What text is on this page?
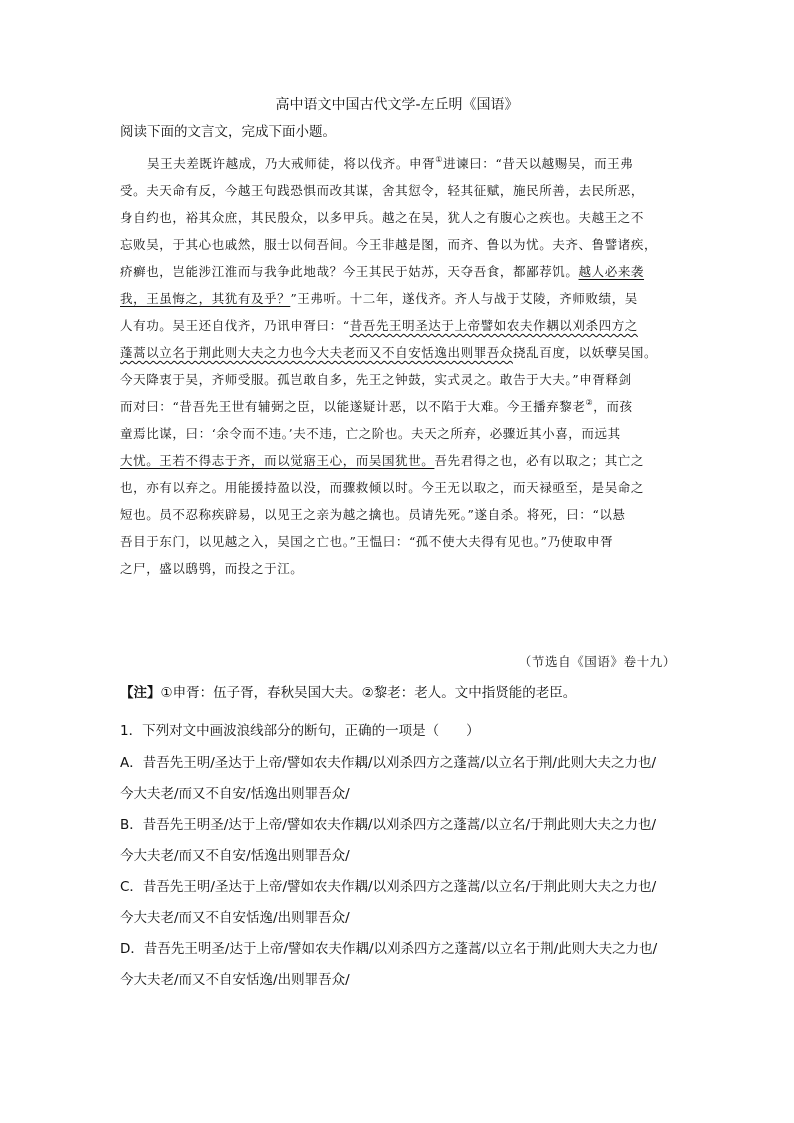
高中语文中国古代文学-左丘明《国语》
阅读下面的文言文，完成下面小题。
吴王夫差既许越成，乃大戒师徒，将以伐齐。申胥①进谏曰：“昔天以越赐吴，而王弗
受。夫天命有反，今越王句践恐惧而改其谋，舍其愆令，轻其征赋，施民所善，去民所恶，
身自约也，裕其众庶，其民殷众，以多甲兵。越之在吴，犹人之有腹心之疾也。夫越王之不
忘败吴，于其心也戚然，服士以伺吾间。今王非越是图，而齐、鲁以为忧。夫齐、鲁譬诸疾，
疥癣也，岂能涉江淮而与我争此地哉？今王其民于姑苏，天夺吾食，都鄙荐饥。越人必来袭
我，王虽悔之，其犹有及乎？”王弗听。十二年，遂伐齐。齐人与战于艾陵，齐师败绩，吴
人有功。吴王还自伐齐，乃讯申胥曰：“昔吾先王明圣达于上帝譬如农夫作耦以刈杀四方之
蓬蒿以立名于荆此则大夫之力也今大夫老而又不自安恬逸出则罪吾众挠乱百度，以妖孽吴国。
今天降衷于吴，齐师受服。孤岂敢自多，先王之钟鼓，实式灵之。敢告于大夫。”申胥释剑
而对曰：“昔吾先王世有辅弼之臣，以能遂疑计恶，以不陷于大难。今王播弃黎老②，而孩
童焉比谋，曰：‘余令而不违。’夫不违，亡之阶也。夫天之所弃，必骤近其小喜，而远其
大忧。王若不得志于齐，而以觉寤王心，而吴国犹世。吾先君得之也，必有以取之；其亡之
也，亦有以弃之。用能援持盈以没，而骤救倾以时。今王无以取之，而天禄亟至，是吴命之
短也。员不忍称疾辟易，以见王之亲为越之擒也。员请先死。”遂自杀。将死，曰：“以悬
吾目于东门，以见越之入，吴国之亡也。”王愠曰：“孤不使大夫得有见也。”乃使取申胥
之尸，盛以鸱鸮，而投之于江。
（节选自《国语》卷十九）
【注】①申胥：伍子胥，春秋吴国大夫。②黎老：老人。文中指贤能的老臣。
1．下列对文中画波浪线部分的断句，正确的一项是（　　）
A．昔吾先王明/圣达于上帝/譬如农夫作耦/以刈杀四方之蓬蒿/以立名于荆/此则大夫之力也/
今大夫老/而又不自安/恬逸出则罪吾众/
B．昔吾先王明圣/达于上帝/譬如农夫作耦/以刈杀四方之蓬蒿/以立名/于荆此则大夫之力也/
今大夫老/而又不自安/恬逸出则罪吾众/
C．昔吾先王明/圣达于上帝/譬如农夫作耦/以刈杀四方之蓬蒿/以立名/于荆此则大夫之力也/
今大夫老/而又不自安恬逸/出则罪吾众/
D．昔吾先王明圣/达于上帝/譬如农夫作耦/以刈杀四方之蓬蒿/以立名于荆/此则大夫之力也/
今大夫老/而又不自安恬逸/出则罪吾众/
